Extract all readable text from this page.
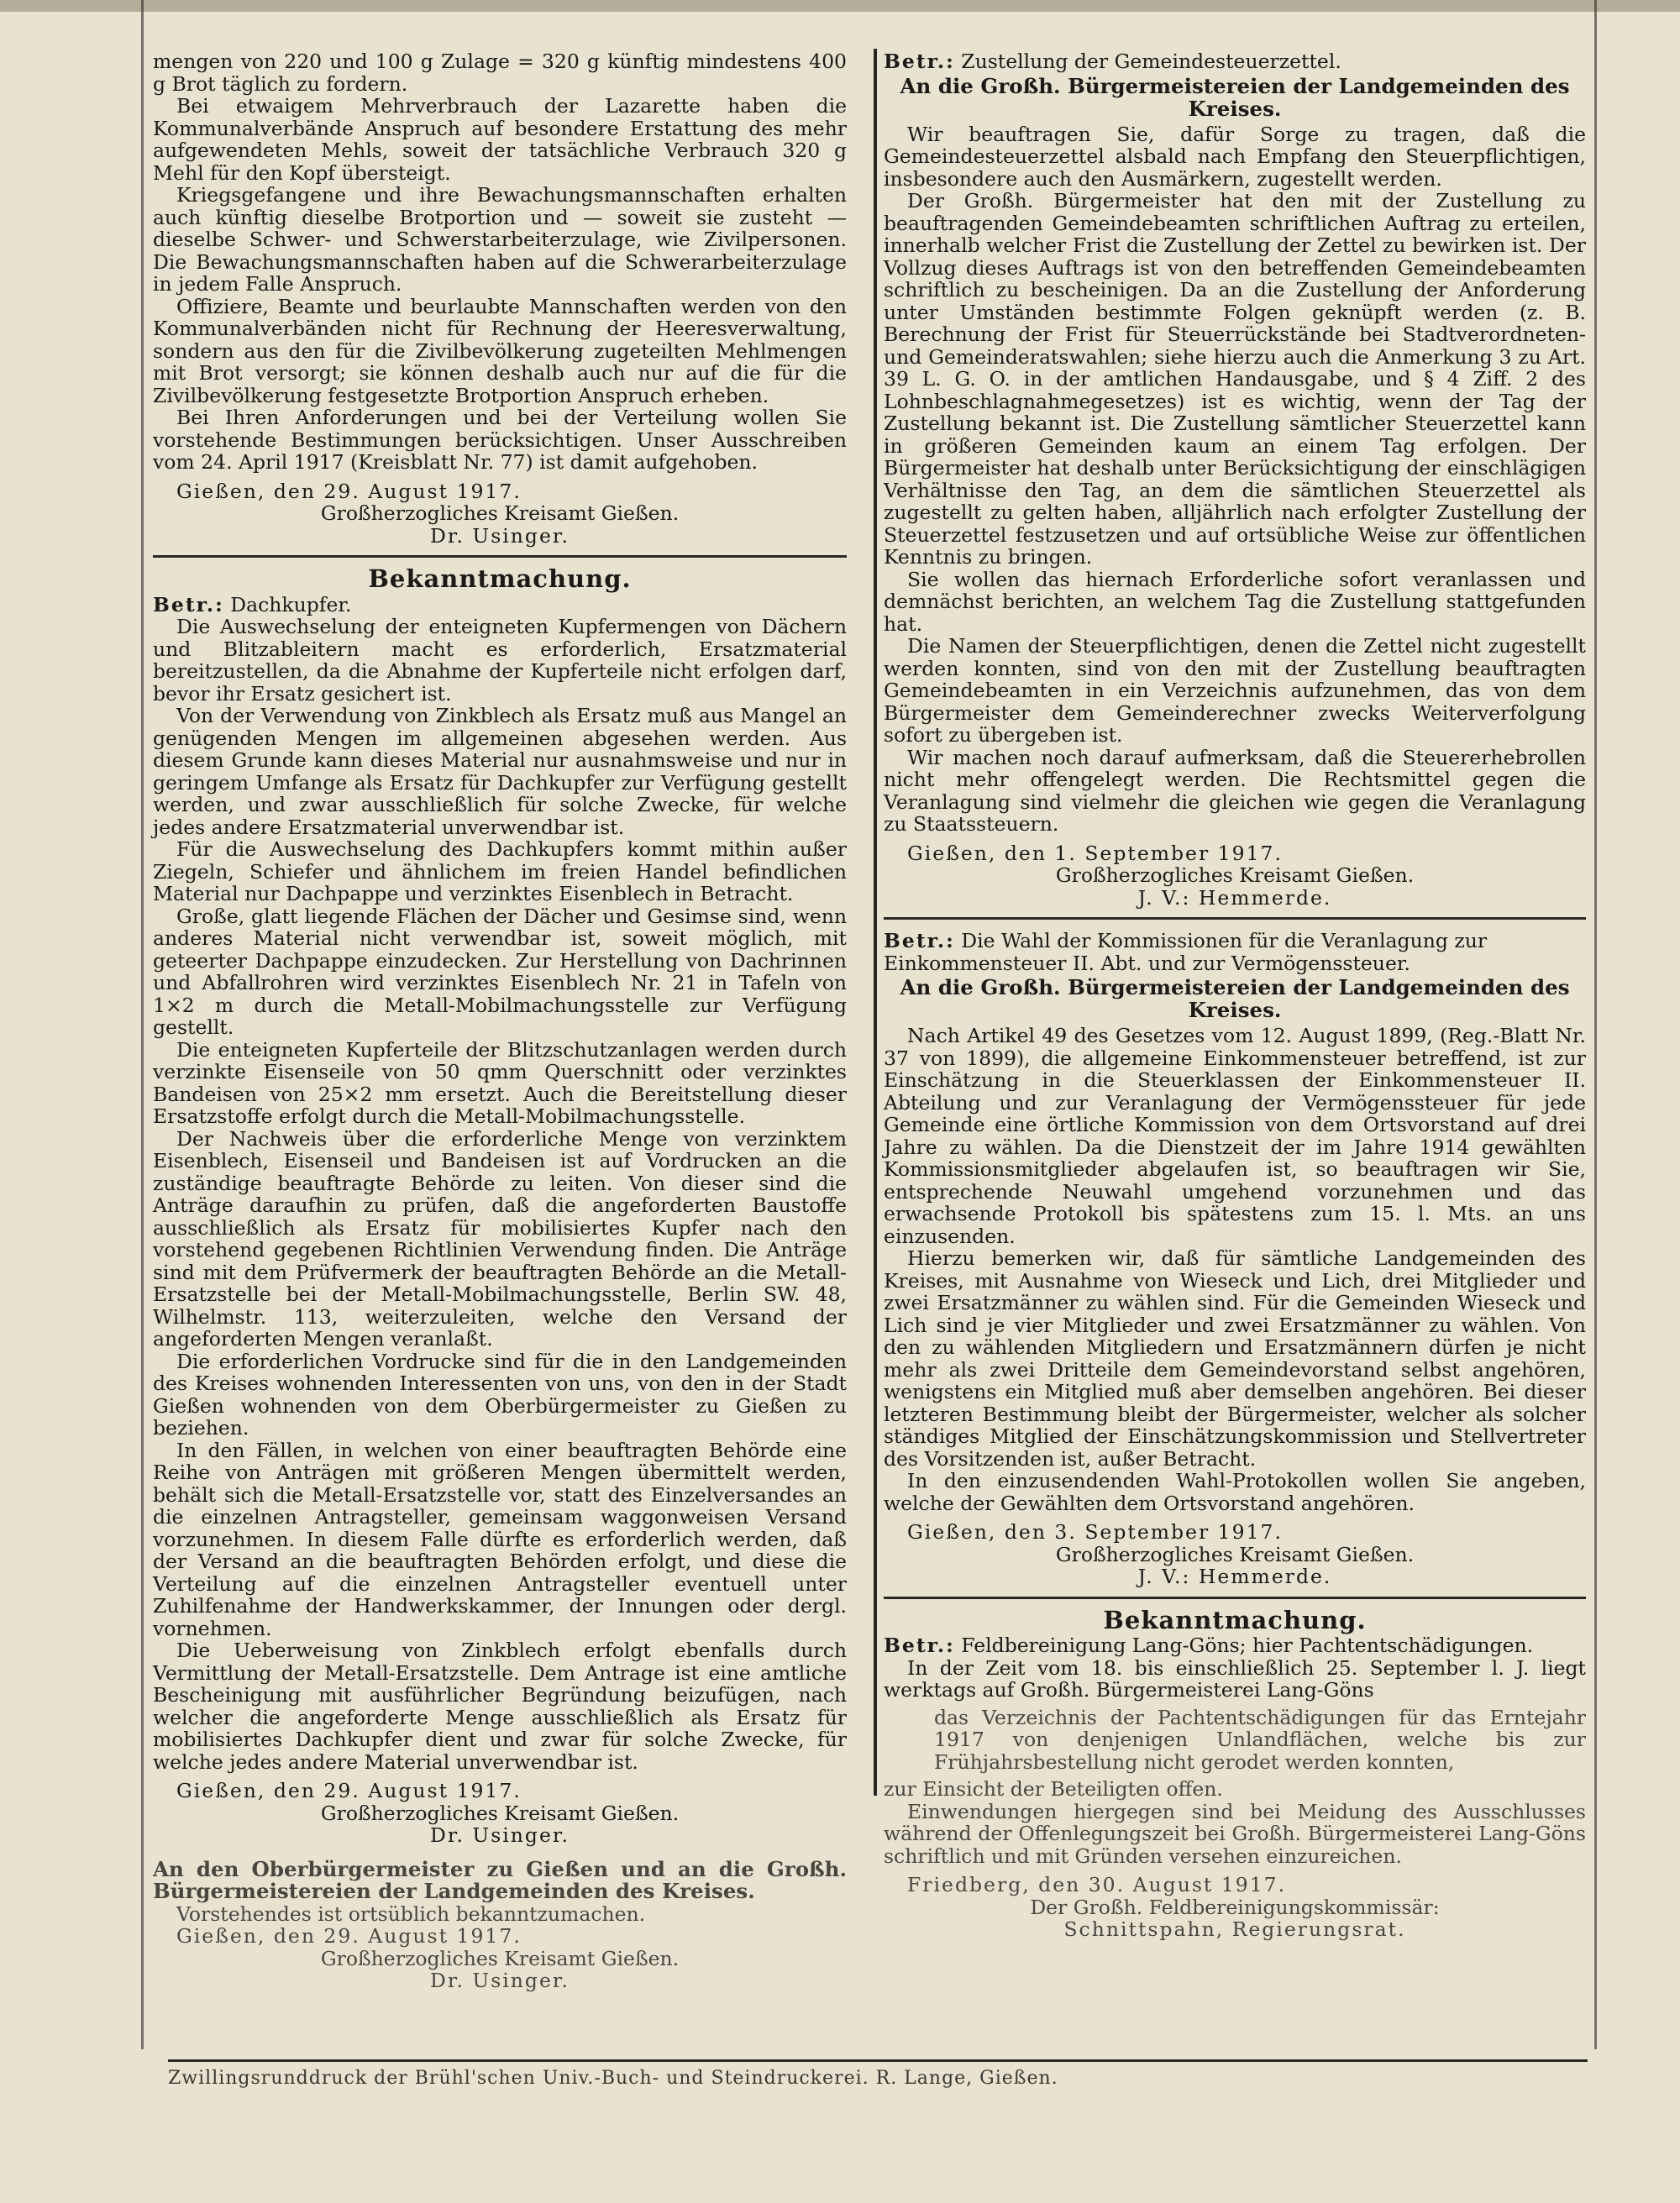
mengen von 220 und 100 g Zulage = 320 g künftig mindestens 400 g Brot täglich zu fordern.

Bei etwaigem Mehrverbrauch der Lazarette haben die Kommunalverbände Anspruch auf besondere Erstattung des mehr aufgewendeten Mehls, soweit der tatsächliche Verbrauch 320 g Mehl für den Kopf übersteigt.

Kriegsgefangene und ihre Bewachungsmannschaften erhalten auch künftig dieselbe Brotportion und — soweit sie zusteht — dieselbe Schwer- und Schwerstarbeiterzulage, wie Zivilpersonen. Die Bewachungsmannschaften haben auf die Schwerarbeiterzulage in jedem Falle Anspruch.

Offiziere, Beamte und beurlaubte Mannschaften werden von den Kommunalverbänden nicht für Rechnung der Heeresverwaltung, sondern aus den für die Zivilbevölkerung zugeteilten Mehlmengen mit Brot versorgt; sie können deshalb auch nur auf die für die Zivilbevölkerung festgesetzte Brotportion Anspruch erheben.

Bei Ihren Anforderungen und bei der Verteilung wollen Sie vorstehende Bestimmungen berücksichtigen. Unser Ausschreiben vom 24. April 1917 (Kreisblatt Nr. 77) ist damit aufgehoben.

Gießen, den 29. August 1917.

Großherzogliches Kreisamt Gießen.

Dr. Usinger.

Bekanntmachung.

Betr.: Dachkupfer.

Die Auswechselung der enteigneten Kupfermengen von Dächern und Blitzableitern macht es erforderlich, Ersatzmaterial bereitzustellen, da die Abnahme der Kupferteile nicht erfolgen darf, bevor ihr Ersatz gesichert ist.

Von der Verwendung von Zinkblech als Ersatz muß aus Mangel an genügenden Mengen im allgemeinen abgesehen werden. Aus diesem Grunde kann dieses Material nur ausnahmsweise und nur in geringem Umfange als Ersatz für Dachkupfer zur Verfügung gestellt werden, und zwar ausschließlich für solche Zwecke, für welche jedes andere Ersatzmaterial unverwendbar ist.

Für die Auswechselung des Dachkupfers kommt mithin außer Ziegeln, Schiefer und ähnlichem im freien Handel befindlichen Material nur Dachpappe und verzinktes Eisenblech in Betracht.

Große, glatt liegende Flächen der Dächer und Gesimse sind, wenn anderes Material nicht verwendbar ist, soweit möglich, mit geteerter Dachpappe einzudecken. Zur Herstellung von Dachrinnen und Abfallrohren wird verzinktes Eisenblech Nr. 21 in Tafeln von 1×2 m durch die Metall-Mobilmachungsstelle zur Verfügung gestellt.

Die enteigneten Kupferteile der Blitzschutzanlagen werden durch verzinkte Eisenseile von 50 qmm Querschnitt oder verzinktes Bandeisen von 25×2 mm ersetzt. Auch die Bereitstellung dieser Ersatzstoffe erfolgt durch die Metall-Mobilmachungsstelle.

Der Nachweis über die erforderliche Menge von verzinktem Eisenblech, Eisenseil und Bandeisen ist auf Vordrucken an die zuständige beauftragte Behörde zu leiten. Von dieser sind die Anträge daraufhin zu prüfen, daß die angeforderten Baustoffe ausschließlich als Ersatz für mobilisiertes Kupfer nach den vorstehend gegebenen Richtlinien Verwendung finden. Die Anträge sind mit dem Prüfvermerk der beauftragten Behörde an die Metall-Ersatzstelle bei der Metall-Mobilmachungsstelle, Berlin SW. 48, Wilhelmstr. 113, weiterzuleiten, welche den Versand der angeforderten Mengen veranlaßt.

Die erforderlichen Vordrucke sind für die in den Landgemeinden des Kreises wohnenden Interessenten von uns, von den in der Stadt Gießen wohnenden von dem Oberbürgermeister zu Gießen zu beziehen.

In den Fällen, in welchen von einer beauftragten Behörde eine Reihe von Anträgen mit größeren Mengen übermittelt werden, behält sich die Metall-Ersatzstelle vor, statt des Einzelversandes an die einzelnen Antragsteller, gemeinsam waggonweisen Versand vorzunehmen. In diesem Falle dürfte es erforderlich werden, daß der Versand an die beauftragten Behörden erfolgt, und diese die Verteilung auf die einzelnen Antragsteller eventuell unter Zuhilfenahme der Handwerkskammer, der Innungen oder dergl. vornehmen.

Die Ueberweisung von Zinkblech erfolgt ebenfalls durch Vermittlung der Metall-Ersatzstelle. Dem Antrage ist eine amtliche Bescheinigung mit ausführlicher Begründung beizufügen, nach welcher die angeforderte Menge ausschließlich als Ersatz für mobilisiertes Dachkupfer dient und zwar für solche Zwecke, für welche jedes andere Material unverwendbar ist.

Gießen, den 29. August 1917.

Großherzogliches Kreisamt Gießen.

Dr. Usinger.

An den Oberbürgermeister zu Gießen und an die Großh. Bürgermeistereien der Landgemeinden des Kreises.

Vorstehendes ist ortsüblich bekanntzumachen.

Gießen, den 29. August 1917.

Großherzogliches Kreisamt Gießen.

Dr. Usinger.

Betr.: Zustellung der Gemeindesteuerzettel.

An die Großh. Bürgermeistereien der Landgemeinden des Kreises.

Wir beauftragen Sie, dafür Sorge zu tragen, daß die Gemeindesteuerzettel alsbald nach Empfang den Steuerpflichtigen, insbesondere auch den Ausmärkern, zugestellt werden.

Der Großh. Bürgermeister hat den mit der Zustellung zu beauftragenden Gemeindebeamten schriftlichen Auftrag zu erteilen, innerhalb welcher Frist die Zustellung der Zettel zu bewirken ist. Der Vollzug dieses Auftrags ist von den betreffenden Gemeindebeamten schriftlich zu bescheinigen. Da an die Zustellung der Anforderung unter Umständen bestimmte Folgen geknüpft werden (z. B. Berechnung der Frist für Steuerrückstände bei Stadtverordneten- und Gemeinderatswahlen; siehe hierzu auch die Anmerkung 3 zu Art. 39 L. G. O. in der amtlichen Handausgabe, und § 4 Ziff. 2 des Lohnbeschlagnahmegesetzes) ist es wichtig, wenn der Tag der Zustellung bekannt ist. Die Zustellung sämtlicher Steuerzettel kann in größeren Gemeinden kaum an einem Tag erfolgen. Der Bürgermeister hat deshalb unter Berücksichtigung der einschlägigen Verhältnisse den Tag, an dem die sämtlichen Steuerzettel als zugestellt zu gelten haben, alljährlich nach erfolgter Zustellung der Steuerzettel festzusetzen und auf ortsübliche Weise zur öffentlichen Kenntnis zu bringen.

Sie wollen das hiernach Erforderliche sofort veranlassen und demnächst berichten, an welchem Tag die Zustellung stattgefunden hat.

Die Namen der Steuerpflichtigen, denen die Zettel nicht zugestellt werden konnten, sind von den mit der Zustellung beauftragten Gemeindebeamten in ein Verzeichnis aufzunehmen, das von dem Bürgermeister dem Gemeinderechner zwecks Weiterverfolgung sofort zu übergeben ist.

Wir machen noch darauf aufmerksam, daß die Steuererhebrollen nicht mehr offengelegt werden. Die Rechtsmittel gegen die Veranlagung sind vielmehr die gleichen wie gegen die Veranlagung zu Staatssteuern.

Gießen, den 1. September 1917.

Großherzogliches Kreisamt Gießen.

J. V.: Hemmerde.

Betr.: Die Wahl der Kommissionen für die Veranlagung zur Einkommensteuer II. Abt. und zur Vermögenssteuer.

An die Großh. Bürgermeistereien der Landgemeinden des Kreises.

Nach Artikel 49 des Gesetzes vom 12. August 1899, (Reg.-Blatt Nr. 37 von 1899), die allgemeine Einkommensteuer betreffend, ist zur Einschätzung in die Steuerklassen der Einkommensteuer II. Abteilung und zur Veranlagung der Vermögenssteuer für jede Gemeinde eine örtliche Kommission von dem Ortsvorstand auf drei Jahre zu wählen. Da die Dienstzeit der im Jahre 1914 gewählten Kommissionsmitglieder abgelaufen ist, so beauftragen wir Sie, entsprechende Neuwahl umgehend vorzunehmen und das erwachsende Protokoll bis spätestens zum 15. l. Mts. an uns einzusenden.

Hierzu bemerken wir, daß für sämtliche Landgemeinden des Kreises, mit Ausnahme von Wieseck und Lich, drei Mitglieder und zwei Ersatzmänner zu wählen sind. Für die Gemeinden Wieseck und Lich sind je vier Mitglieder und zwei Ersatzmänner zu wählen. Von den zu wählenden Mitgliedern und Ersatzmännern dürfen je nicht mehr als zwei Dritteile dem Gemeindevorstand selbst angehören, wenigstens ein Mitglied muß aber demselben angehören. Bei dieser letzteren Bestimmung bleibt der Bürgermeister, welcher als solcher ständiges Mitglied der Einschätzungskommission und Stellvertreter des Vorsitzenden ist, außer Betracht.

In den einzusendenden Wahl-Protokollen wollen Sie angeben, welche der Gewählten dem Ortsvorstand angehören.

Gießen, den 3. September 1917.

Großherzogliches Kreisamt Gießen.

J. V.: Hemmerde.

Bekanntmachung.

Betr.: Feldbereinigung Lang-Göns; hier Pachtentschädigungen.

In der Zeit vom 18. bis einschließlich 25. September l. J. liegt werktags auf Großh. Bürgermeisterei Lang-Göns

das Verzeichnis der Pachtentschädigungen für das Erntejahr 1917 von denjenigen Unlandflächen, welche bis zur Frühjahrsbestellung nicht gerodet werden konnten,

zur Einsicht der Beteiligten offen.

Einwendungen hiergegen sind bei Meidung des Ausschlusses während der Offenlegungszeit bei Großh. Bürgermeisterei Lang-Göns schriftlich und mit Gründen versehen einzureichen.

Friedberg, den 30. August 1917.

Der Großh. Feldbereinigungskommissär:

Schnittspahn, Regierungsrat.

Zwillingsrunddruck der Brühl'schen Univ.-Buch- und Steindruckerei. R. Lange, Gießen.
